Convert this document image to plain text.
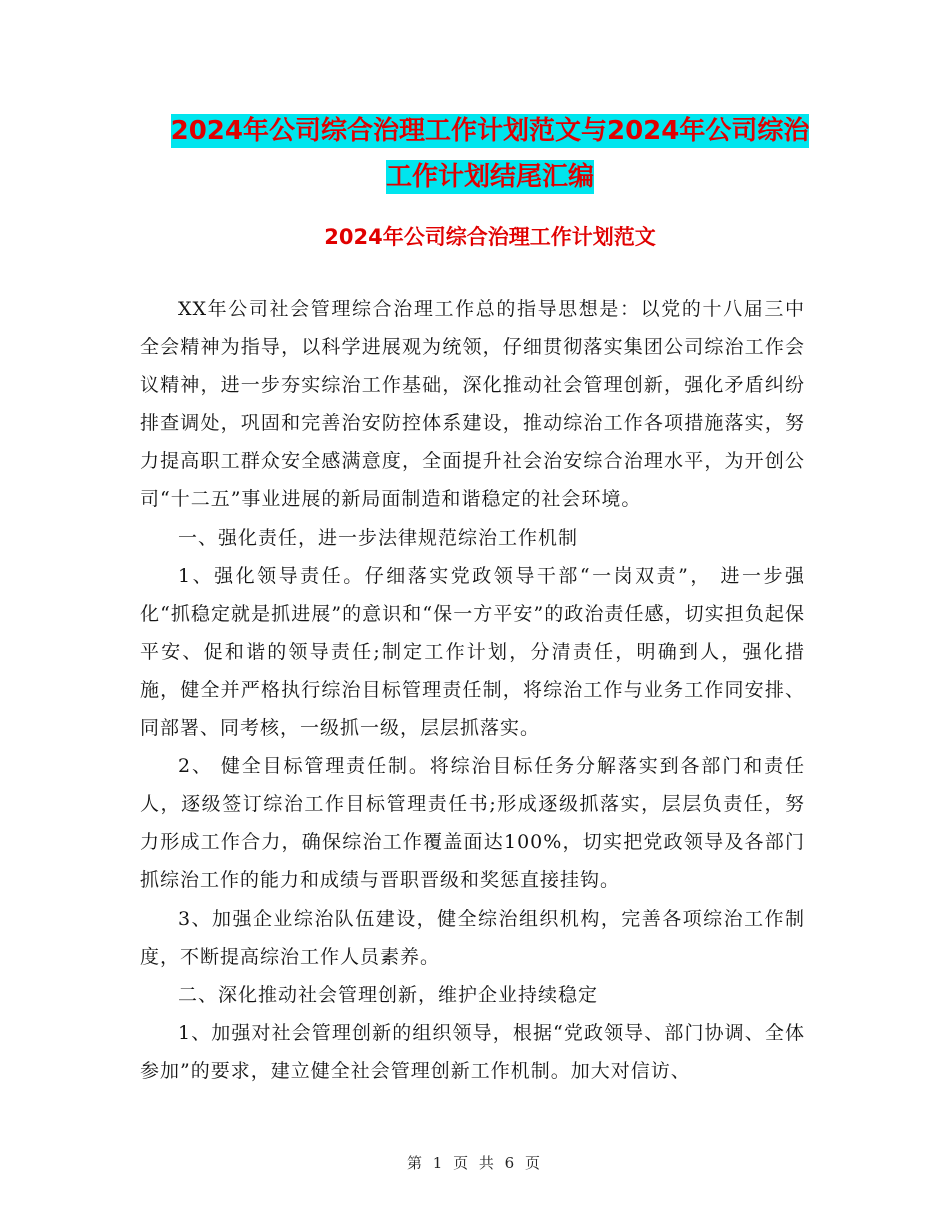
2024年公司综合治理工作计划范文与2024年公司综治
工作计划结尾汇编
2024年公司综合治理工作计划范文

XX年公司社会管理综合治理工作总的指导思想是：以党的十八届三中全会精神为指导，以科学进展观为统领，仔细贯彻落实集团公司综治工作会议精神，进一步夯实综治工作基础，深化推动社会管理创新，强化矛盾纠纷排查调处，巩固和完善治安防控体系建设，推动综治工作各项措施落实，努力提高职工群众安全感满意度，全面提升社会治安综合治理水平，为开创公司“十二五”事业进展的新局面制造和谐稳定的社会环境。

一、强化责任，进一步法律规范综治工作机制

1、强化领导责任。仔细落实党政领导干部“一岗双责”， 进一步强化“抓稳定就是抓进展”的意识和“保一方平安”的政治责任感，切实担负起保平安、促和谐的领导责任;制定工作计划，分清责任，明确到人，强化措施，健全并严格执行综治目标管理责任制，将综治工作与业务工作同安排、同部署、同考核，一级抓一级，层层抓落实。

2、 健全目标管理责任制。将综治目标任务分解落实到各部门和责任人，逐级签订综治工作目标管理责任书;形成逐级抓落实，层层负责任，努力形成工作合力，确保综治工作覆盖面达100%，切实把党政领导及各部门抓综治工作的能力和成绩与晋职晋级和奖惩直接挂钩。

3、加强企业综治队伍建设，健全综治组织机构，完善各项综治工作制度，不断提高综治工作人员素养。

二、深化推动社会管理创新，维护企业持续稳定

1、加强对社会管理创新的组织领导，根据“党政领导、部门协调、全体参加”的要求，建立健全社会管理创新工作机制。加大对信访、

第 1 页 共 6 页
